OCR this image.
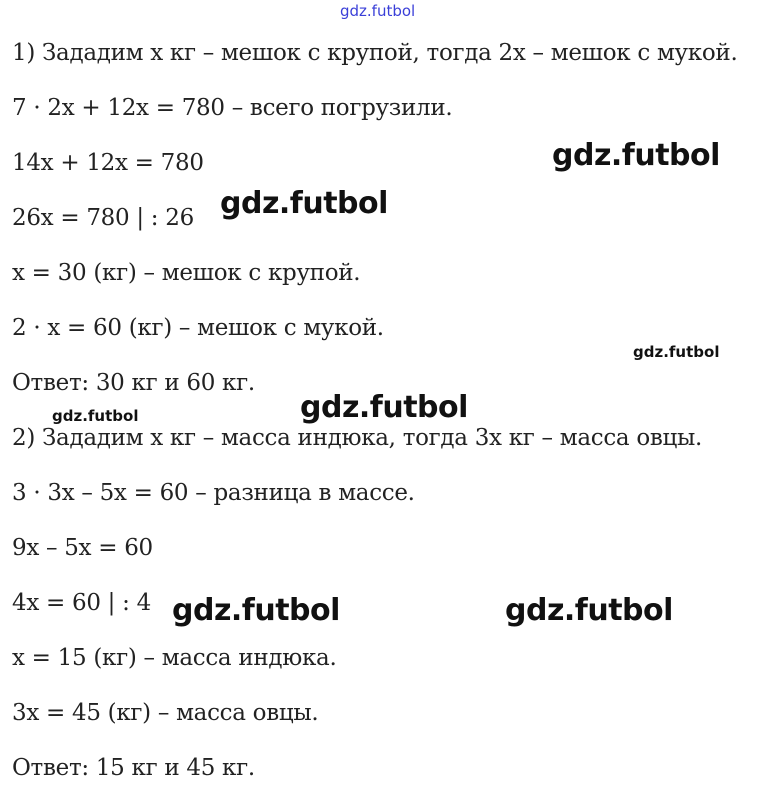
gdz.futbol
1) Зададим x кг – мешок с крупой, тогда 2x – мешок с мукой.
7 · 2x + 12x = 780 – всего погрузили.
14x + 12x = 780
26x = 780 | : 26
x = 30 (кг) – мешок с крупой.
2 · x = 60 (кг) – мешок с мукой.
Ответ: 30 кг и 60 кг.
2) Зададим x кг – масса индюка, тогда 3x кг – масса овцы.
3 · 3x – 5x = 60 – разница в массе.
9x – 5x = 60
4x = 60 | : 4
x = 15 (кг) – масса индюка.
3x = 45 (кг) – масса овцы.
Ответ: 15 кг и 45 кг.
gdz.futbol
gdz.futbol
gdz.futbol
gdz.futbol	gdz.futbol
gdz.futbol	gdz.futbol
